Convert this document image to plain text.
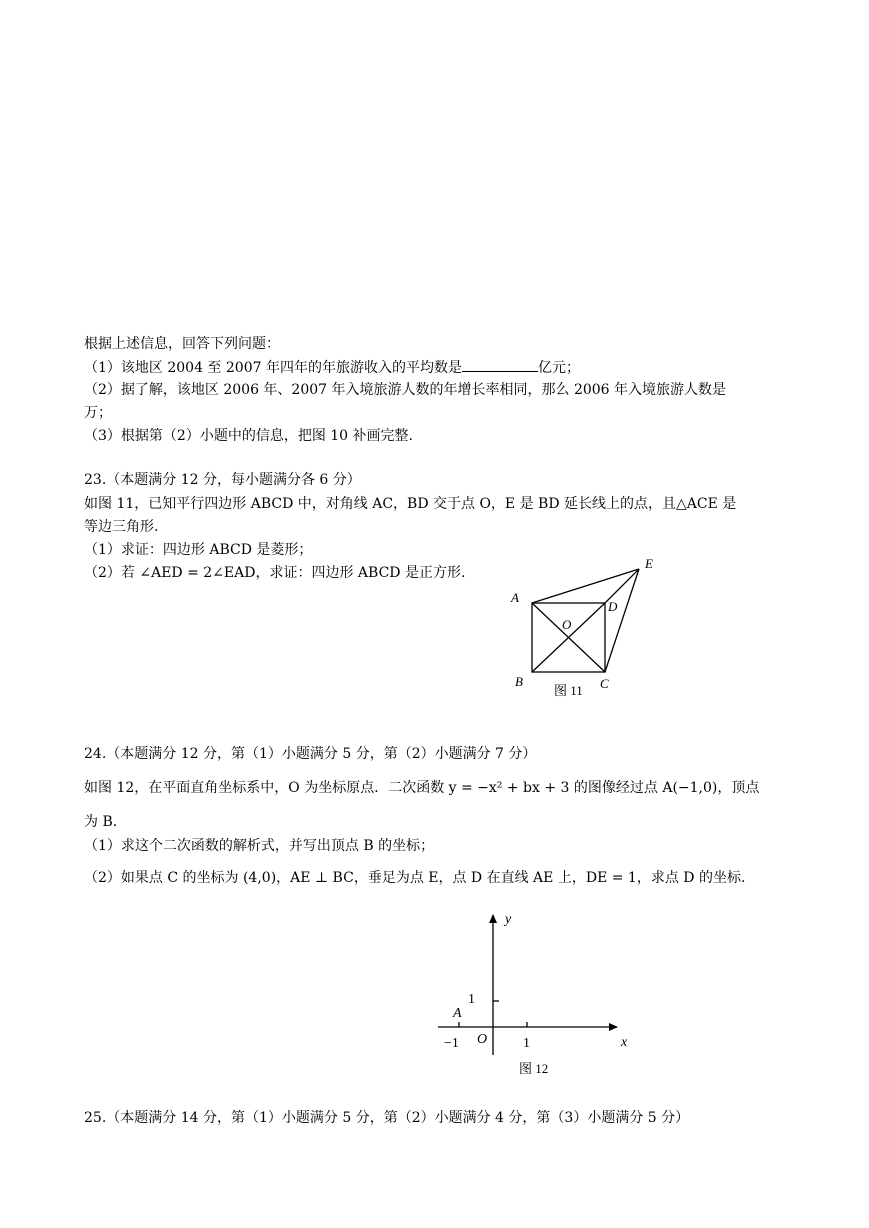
根据上述信息，回答下列问题：
（1）该地区 2004 至 2007 年四年的年旅游收入的平均数是	亿元；
（2）据了解，该地区 2006 年、2007 年入境旅游人数的年增长率相同，那么 2006 年入境旅游人数是
万；
（3）根据第（2）小题中的信息，把图 10 补画完整.
23.（本题满分 12 分，每小题满分各 6 分）
如图 11，已知平行四边形 ABCD 中，对角线 AC，BD 交于点 O，E 是 BD 延长线上的点，且△ACE 是
等边三角形.
（1）求证：四边形 ABCD 是菱形；
（2）若 ∠AED = 2∠EAD，求证：四边形 ABCD 是正方形.
A
B	C
D
E
O
图 11
24.（本题满分 12 分，第（1）小题满分 5 分，第（2）小题满分 7 分）
如图 12，在平面直角坐标系中，O 为坐标原点．二次函数 y = −x² + bx + 3 的图像经过点 A(−1,0)，顶点
为 B．
（1）求这个二次函数的解析式，并写出顶点 B 的坐标；
（2）如果点 C 的坐标为 (4,0)，AE ⊥ BC，垂足为点 E，点 D 在直线 AE 上，DE = 1，求点 D 的坐标.
y
x
O
A
1
1
−1
图 12
25.（本题满分 14 分，第（1）小题满分 5 分，第（2）小题满分 4 分，第（3）小题满分 5 分）
